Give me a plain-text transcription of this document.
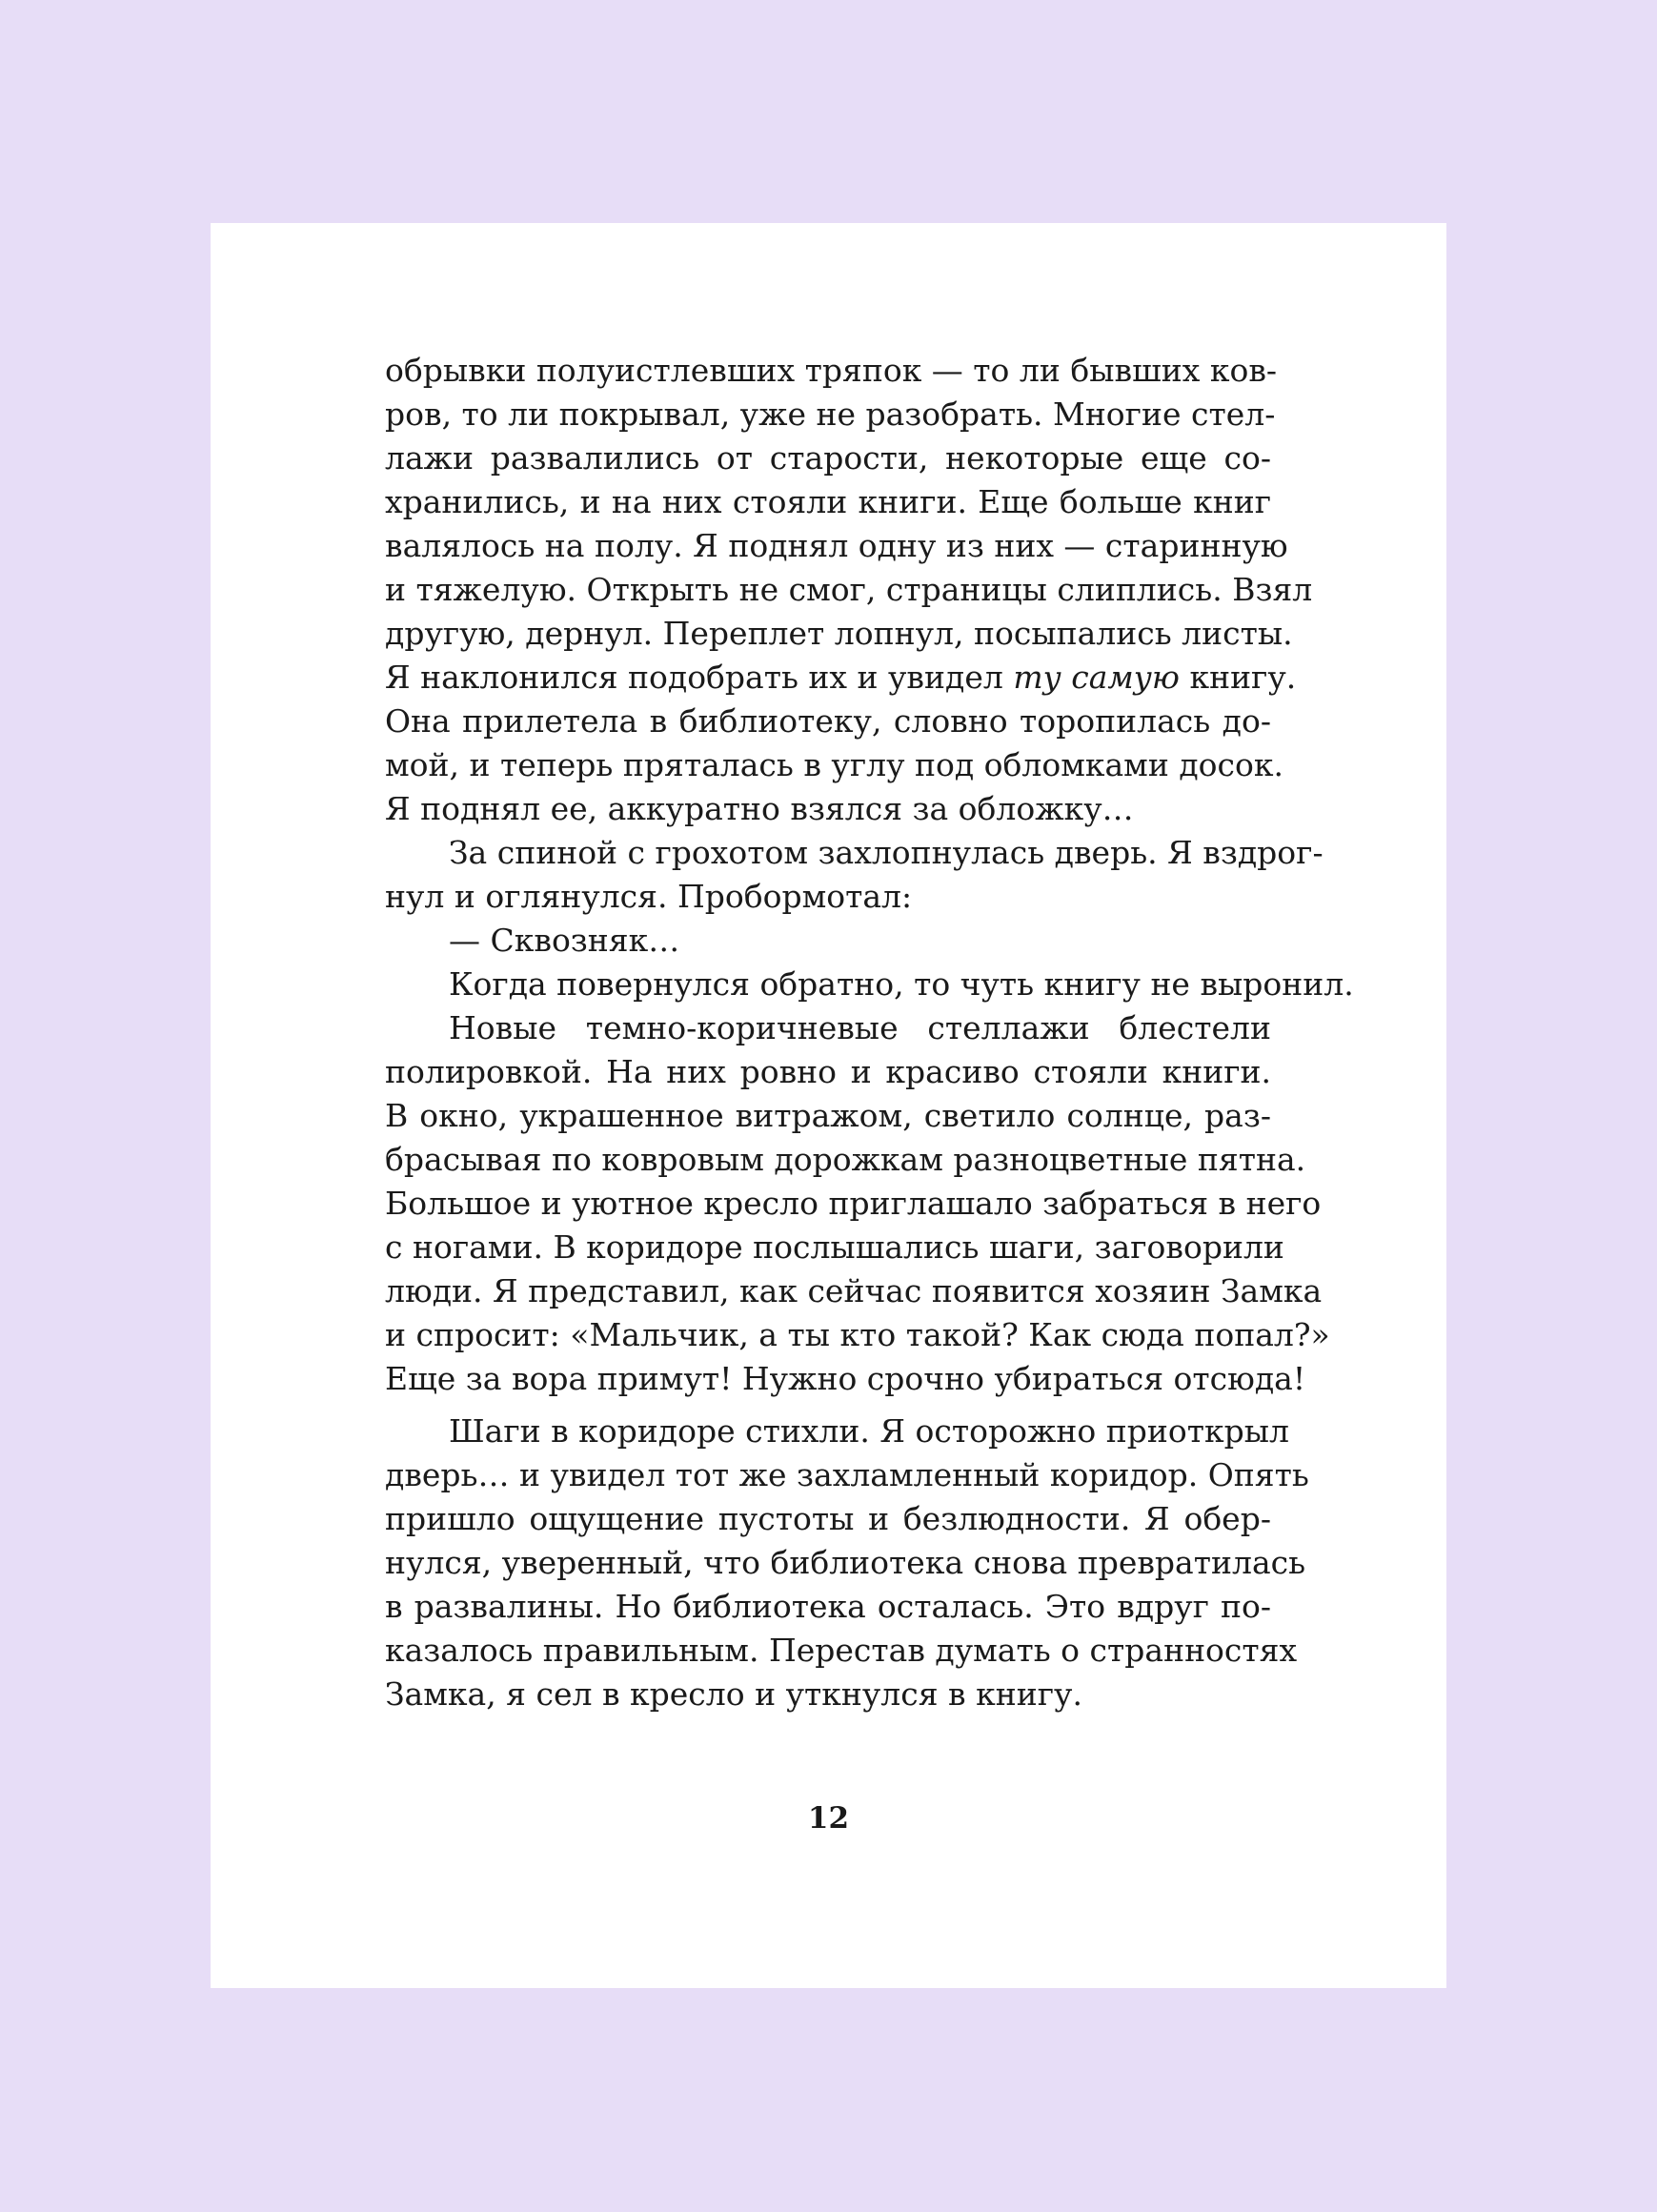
обрывки полуистлевших тряпок — то ли бывших ков-
ров, то ли покрывал, уже не разобрать. Многие стел-
лажи развалились от старости, некоторые еще со-
хранились, и на них стояли книги. Еще больше книг
валялось на полу. Я поднял одну из них — старинную
и тяжелую. Открыть не смог, страницы слиплись. Взял
другую, дернул. Переплет лопнул, посыпались листы.
Я наклонился подобрать их и увидел ту самую книгу.
Она прилетела в библиотеку, словно торопилась до-
мой, и теперь пряталась в углу под обломками досок.
Я поднял ее, аккуратно взялся за обложку…
За спиной с грохотом захлопнулась дверь. Я вздрог-
нул и оглянулся. Пробормотал:
— Сквозняк…
Когда повернулся обратно, то чуть книгу не выронил.
Новые темно-коричневые стеллажи блестели
полировкой. На них ровно и красиво стояли книги.
В окно, украшенное витражом, светило солнце, раз-
брасывая по ковровым дорожкам разноцветные пятна.
Большое и уютное кресло приглашало забраться в него
с ногами. В коридоре послышались шаги, заговорили
люди. Я представил, как сейчас появится хозяин Замка
и спросит: «Мальчик, а ты кто такой? Как сюда попал?»
Еще за вора примут! Нужно срочно убираться отсюда!
Шаги в коридоре стихли. Я осторожно приоткрыл
дверь… и увидел тот же захламленный коридор. Опять
пришло ощущение пустоты и безлюдности. Я обер-
нулся, уверенный, что библиотека снова превратилась
в развалины. Но библиотека осталась. Это вдруг по-
казалось правильным. Перестав думать о странностях
Замка, я сел в кресло и уткнулся в книгу.
12
